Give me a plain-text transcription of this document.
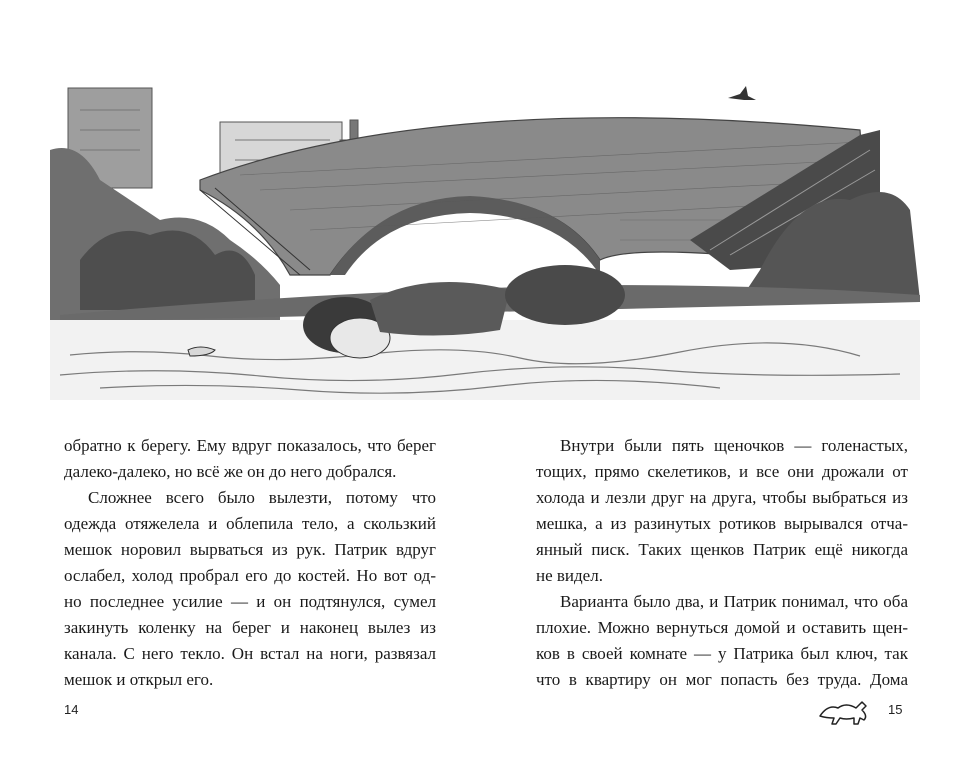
обратно к берегу. Ему вдруг показалось, что берег
далеко-далеко, но всё же он до него добрался.

Сложнее всего было вылезти, потому что
одежда отяжелела и облепила тело, а скользкий
мешок норовил вырваться из рук. Патрик вдруг
ослабел, холод пробрал его до костей. Но вот од-
но последнее усилие — и он подтянулся, сумел
закинуть коленку на берег и наконец вылез из
канала. С него текло. Он встал на ноги, развязал
мешок и открыл его.

Внутри были пять щеночков — голенастых,
тощих, прямо скелетиков, и все они дрожали от
холода и лезли друг на друга, чтобы выбраться из
мешка, а из разинутых ротиков вырывался отча-
янный писк. Таких щенков Патрик ещё никогда
не видел.

Варианта было два, и Патрик понимал, что оба
плохие. Можно вернуться домой и оставить щен-
ков в своей комнате — у Патрика был ключ, так
что в квартиру он мог попасть без труда. Дома

14	15
